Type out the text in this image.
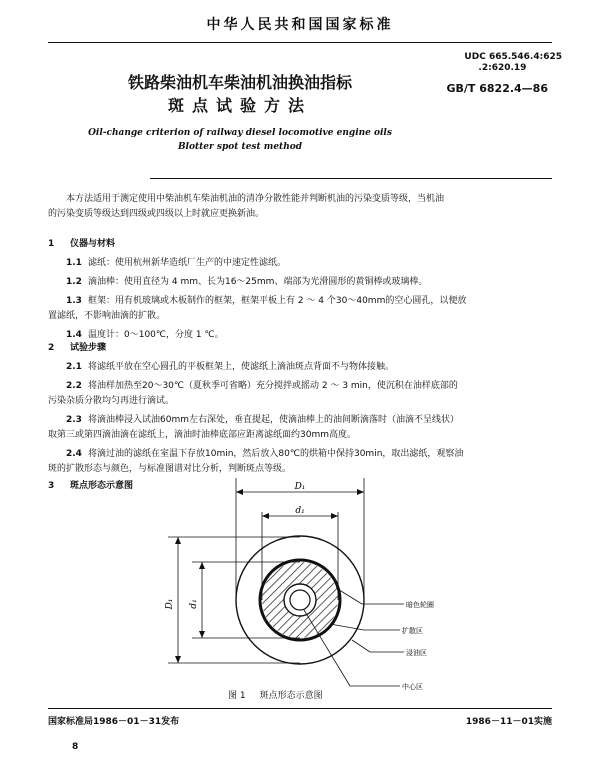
中华人民共和国国家标准
UDC 665.546.4:625
.2:620.19
GB/T 6822.4—86
铁路柴油机车柴油机油换油指标
斑点试验方法
Oil-change criterion of railway diesel locomotive engine oils
Blotter spot test method
本方法适用于测定使用中柴油机车柴油机油的清净分散性能并判断机油的污染变质等级，当机油
的污染变质等级达到四级或四级以上时就应更换新油。
1 仪器与材料
1.1 滤纸：使用杭州新华造纸厂生产的中速定性滤纸。
1.2 滴油棒：使用直径为 4 mm、长为16～25mm、端部为光滑圆形的黄铜棒或玻璃棒。
1.3 框架：用有机玻璃或木板制作的框架，框架平板上有 2 ～ 4 个30～40mm的空心圆孔，以便放
置滤纸，不影响油滴的扩散。
1.4 温度计：0～100℃，分度 1 ℃。
2 试验步骤
2.1 将滤纸平放在空心圆孔的平板框架上，使滤纸上滴油斑点背面不与物体接触。
2.2 将油样加热至20～30℃（夏秋季可省略）充分搅拌或摇动 2 ～ 3 min，使沉积在油样底部的
污染杂质分散均匀再进行滴试。
2.3 将滴油棒浸入试油60mm左右深处，垂直提起，使滴油棒上的油间断滴落时（油滴不呈线状）
取第三或第四滴油滴在滤纸上，滴油时油棒底部应距离滤纸面约30mm高度。
2.4 将滴过油的滤纸在室温下存放10min，然后放入80℃的烘箱中保持30min，取出滤纸，观察油
斑的扩散形态与颜色，与标准图谱对比分析，判断斑点等级。
3 斑点形态示意图	D₁
d₁
D₁ d₁	暗色轮圈
扩散区
浸油区
中心区
图 1 斑点形态示意图
国家标准局1986－01－31发布	1986－11－01实施
8
